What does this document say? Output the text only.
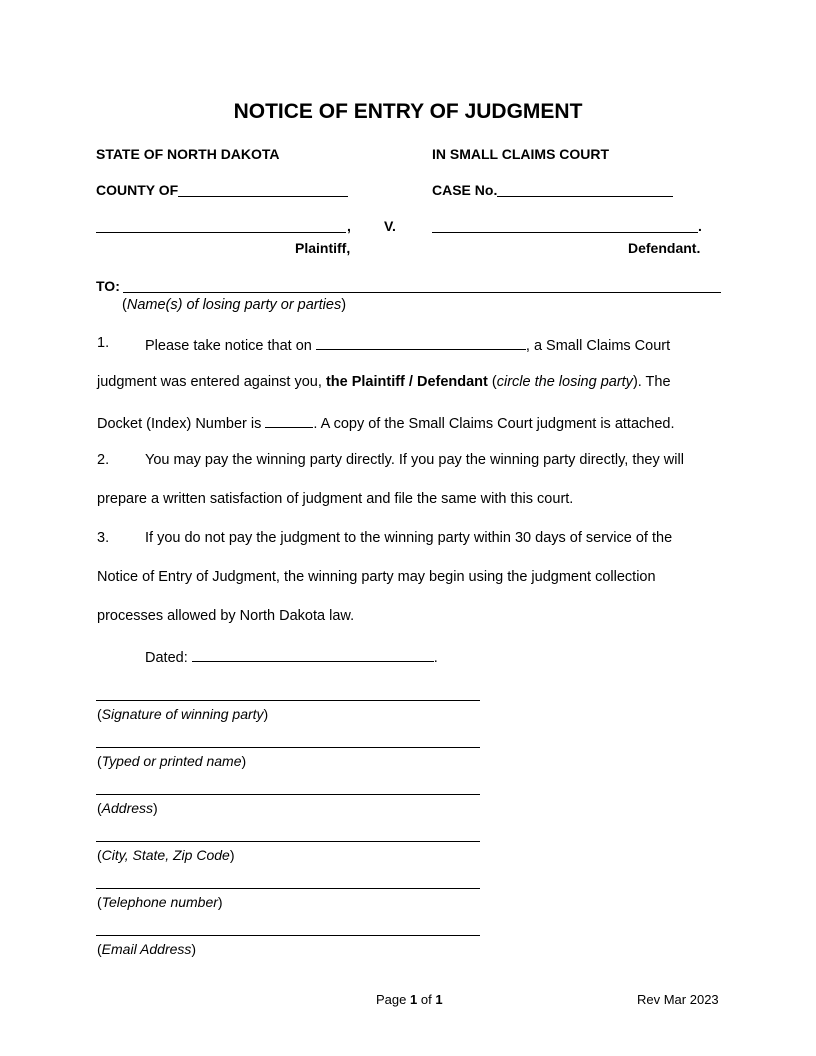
NOTICE OF ENTRY OF JUDGMENT
STATE OF NORTH DAKOTA	IN SMALL CLAIMS COURT
COUNTY OF	CASE No.
, V.	.
Plaintiff,	Defendant.
TO:
(Name(s) of losing party or parties)
1. Please take notice that on	, a Small Claims Court
judgment was entered against you, the Plaintiff / Defendant (circle the losing party). The
Docket (Index) Number is	. A copy of the Small Claims Court judgment is attached.
2. You may pay the winning party directly. If you pay the winning party directly, they will
prepare a written satisfaction of judgment and file the same with this court.
3. If you do not pay the judgment to the winning party within 30 days of service of the
Notice of Entry of Judgment, the winning party may begin using the judgment collection
processes allowed by North Dakota law.
Dated:	.
(Signature of winning party)
(Typed or printed name)
(Address)
(City, State, Zip Code)
(Telephone number)
(Email Address)
Page 1 of 1	Rev Mar 2023
